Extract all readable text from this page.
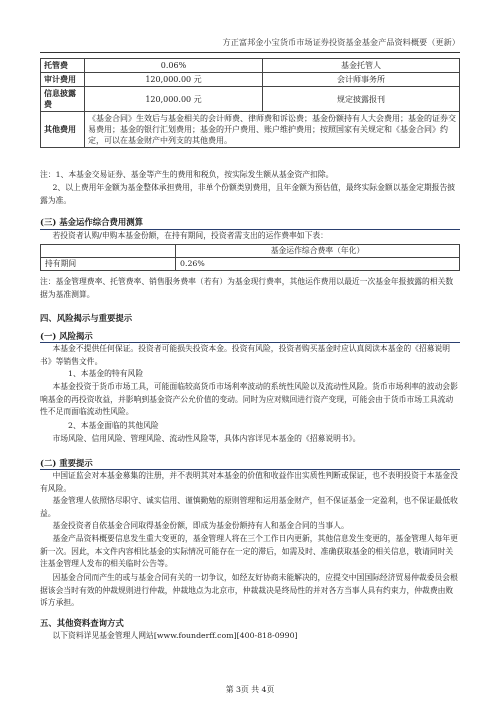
方正富邦金小宝货币市场证券投资基金基金产品资料概要（更新）
托管费	0.06%	基金托管人
审计费用	120,000.00 元	会计师事务所
信息披露费	120,000.00 元	规定披露报刊
其他费用	《基金合同》生效后与基金相关的会计师费、律师费和诉讼费；基金份额持有人大会费用；基金的证券交易费用；基金的银行汇划费用；基金的开户费用、账户维护费用；按照国家有关规定和《基金合同》约定，可以在基金财产中列支的其他费用。	
注：1、本基金交易证券、基金等产生的费用和税负，按实际发生额从基金资产扣除。
2、以上费用年金额为基金整体承担费用，非单个份额类别费用，且年金额为预估值，最终实际金额以基金定期报告披露为准。
(三) 基金运作综合费用测算
若投资者认购/申购本基金份额，在持有期间，投资者需支出的运作费率如下表：
	基金运作综合费率（年化）
持有期间	0.26%
注：基金管理费率、托管费率、销售服务费率（若有）为基金现行费率，其他运作费用以最近一次基金年报披露的相关数据为基准测算。
四、风险揭示与重要提示
(一) 风险揭示
本基金不提供任何保证。投资者可能损失投资本金。投资有风险，投资者购买基金时应认真阅读本基金的《招募说明书》等销售文件。
1、本基金的特有风险
本基金投资于货币市场工具，可能面临较高货币市场利率波动的系统性风险以及流动性风险。货币市场利率的波动会影响基金的再投资收益，并影响到基金资产公允价值的变动。同时为应对赎回进行资产变现，可能会由于货币市场工具流动性不足而面临流动性风险。
2、本基金面临的其他风险
市场风险、信用风险、管理风险、流动性风险等，具体内容详见本基金的《招募说明书》。
(二) 重要提示
中国证监会对本基金募集的注册，并不表明其对本基金的价值和收益作出实质性判断或保证，也不表明投资于本基金没有风险。
基金管理人依照恪尽职守、诚实信用、谨慎勤勉的原则管理和运用基金财产，但不保证基金一定盈利，也不保证最低收益。
基金投资者自依基金合同取得基金份额，即成为基金份额持有人和基金合同的当事人。
基金产品资料概要信息发生重大变更的，基金管理人将在三个工作日内更新，其他信息发生变更的，基金管理人每年更新一次。因此，本文件内容相比基金的实际情况可能存在一定的滞后，如需及时、准确获取基金的相关信息，敬请同时关注基金管理人发布的相关临时公告等。
因基金合同而产生的或与基金合同有关的一切争议，如经友好协商未能解决的，应提交中国国际经济贸易仲裁委员会根据该会当时有效的仲裁规则进行仲裁，仲裁地点为北京市，仲裁裁决是终局性的并对各方当事人具有约束力，仲裁费由败诉方承担。
五、其他资料查询方式
以下资料详见基金管理人网站[www.founderff.com][400-818-0990]
第 3页 共 4页
